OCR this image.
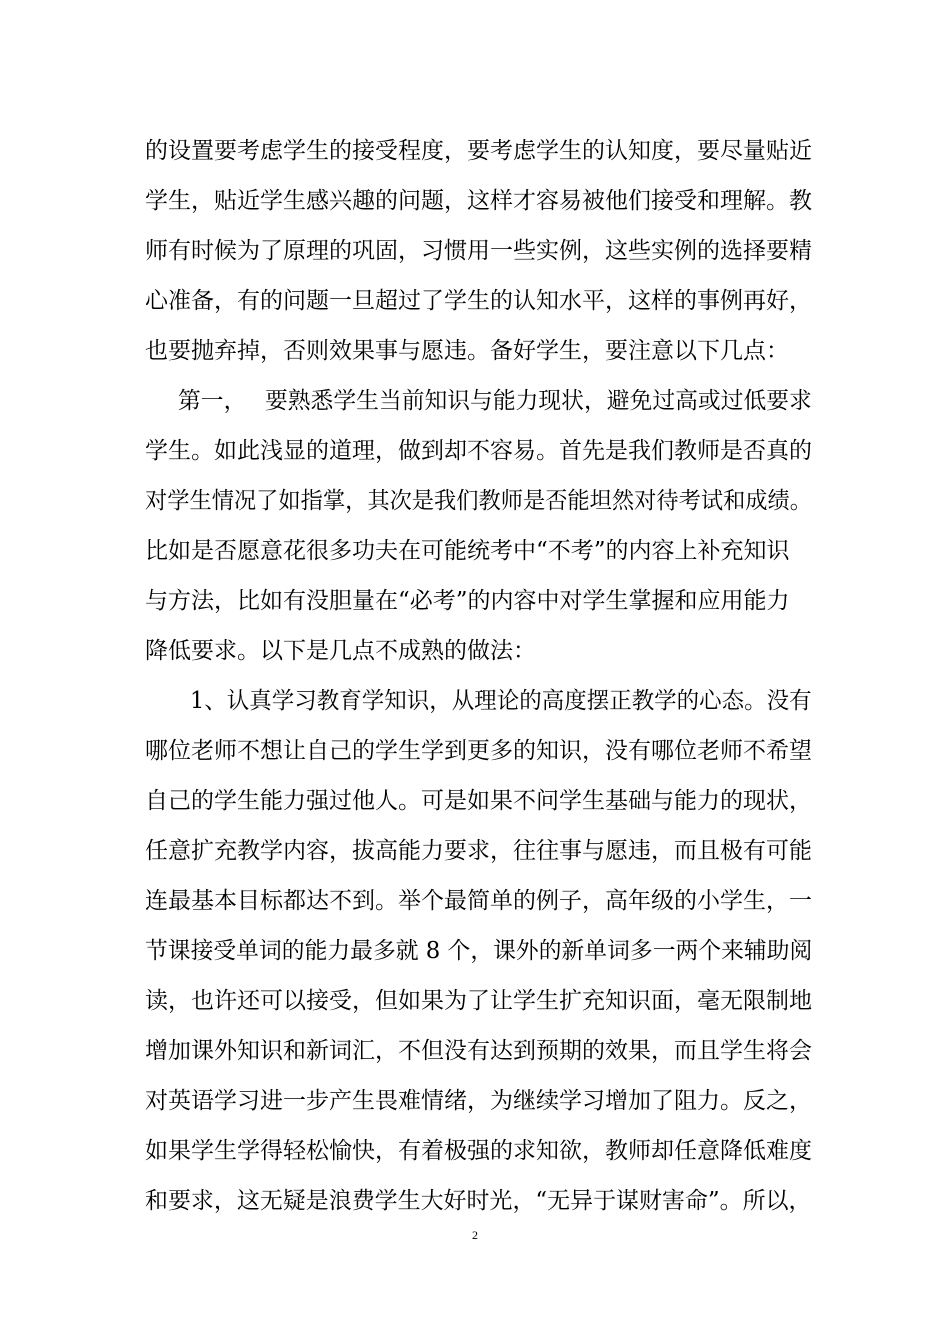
的设置要考虑学生的接受程度，要考虑学生的认知度，要尽量贴近
学生，贴近学生感兴趣的问题，这样才容易被他们接受和理解。教
师有时候为了原理的巩固，习惯用一些实例，这些实例的选择要精
心准备，有的问题一旦超过了学生的认知水平，这样的事例再好，
也要抛弃掉，否则效果事与愿违。备好学生，要注意以下几点：
第一，　 要熟悉学生当前知识与能力现状，避免过高或过低要求
学生。如此浅显的道理，做到却不容易。首先是我们教师是否真的
对学生情况了如指掌，其次是我们教师是否能坦然对待考试和成绩。
比如是否愿意花很多功夫在可能统考中“不考”的内容上补充知识
与方法，比如有没胆量在“必考”的内容中对学生掌握和应用能力
降低要求。以下是几点不成熟的做法：
1、认真学习教育学知识，从理论的高度摆正教学的心态。没有
哪位老师不想让自己的学生学到更多的知识，没有哪位老师不希望
自己的学生能力强过他人。可是如果不问学生基础与能力的现状，
任意扩充教学内容，拔高能力要求，往往事与愿违，而且极有可能
连最基本目标都达不到。举个最简单的例子，高年级的小学生，一
节课接受单词的能力最多就 8 个，课外的新单词多一两个来辅助阅
读，也许还可以接受，但如果为了让学生扩充知识面，毫无限制地
增加课外知识和新词汇，不但没有达到预期的效果，而且学生将会
对英语学习进一步产生畏难情绪，为继续学习增加了阻力。反之，
如果学生学得轻松愉快，有着极强的求知欲，教师却任意降低难度
和要求，这无疑是浪费学生大好时光，“无异于谋财害命”。所以，
2
